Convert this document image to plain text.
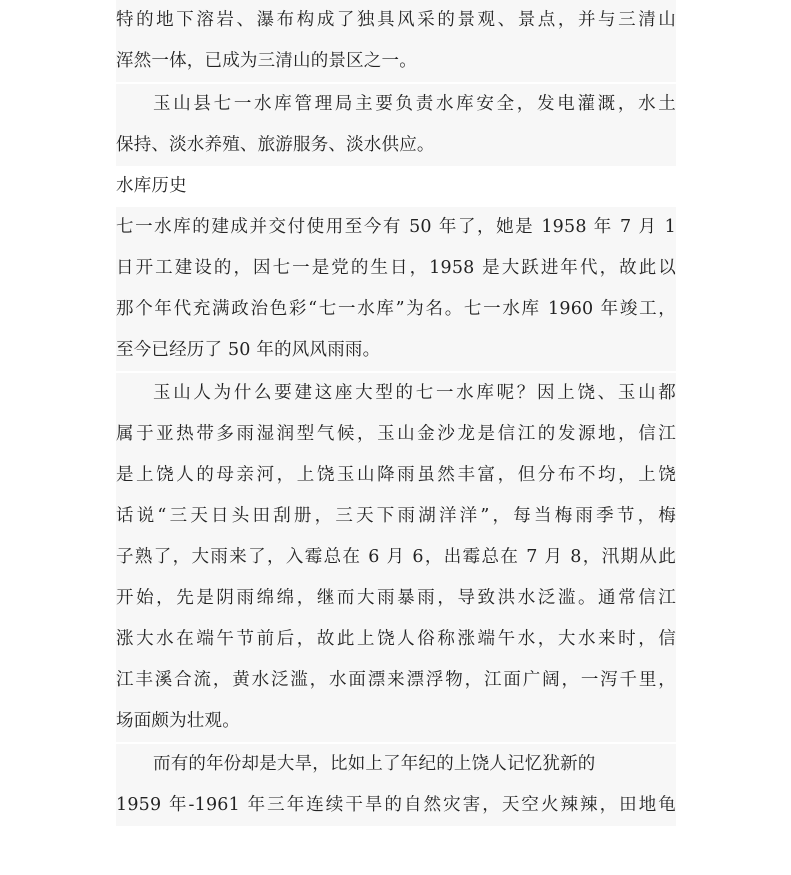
特的地下溶岩、瀑布构成了独具风采的景观、景点，并与三清山
浑然一体，已成为三清山的景区之一。
玉山县七一水库管理局主要负责水库安全，发电灌溉，水土
保持、淡水养殖、旅游服务、淡水供应。
水库历史
七一水库的建成并交付使用至今有 50 年了，她是 1958 年 7 月 1
日开工建设的，因七一是党的生日，1958 是大跃进年代，故此以
那个年代充满政治色彩“七一水库”为名。七一水库 1960 年竣工，
至今已经历了 50 年的风风雨雨。
玉山人为什么要建这座大型的七一水库呢？因上饶、玉山都
属于亚热带多雨湿润型气候，玉山金沙龙是信江的发源地，信江
是上饶人的母亲河，上饶玉山降雨虽然丰富，但分布不均，上饶
话说“三天日头田刮册，三天下雨湖洋洋”，每当梅雨季节，梅
子熟了，大雨来了，入霉总在 6 月 6，出霉总在 7 月 8，汛期从此
开始，先是阴雨绵绵，继而大雨暴雨，导致洪水泛滥。通常信江
涨大水在端午节前后，故此上饶人俗称涨端午水，大水来时，信
江丰溪合流，黄水泛滥，水面漂来漂浮物，江面广阔，一泻千里，
场面颇为壮观。
而有的年份却是大旱，比如上了年纪的上饶人记忆犹新的
1959 年-1961 年三年连续干旱的自然灾害，天空火辣辣，田地龟
